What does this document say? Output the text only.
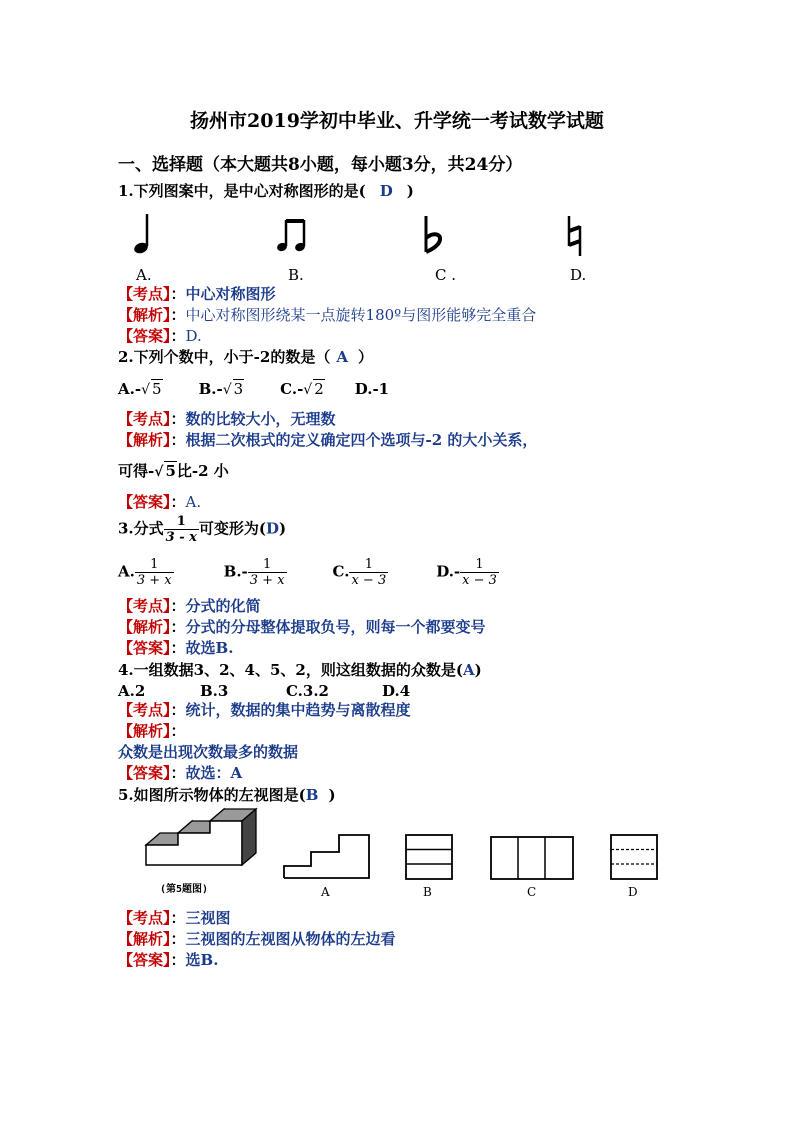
扬州市2019学初中毕业、升学统一考试数学试题
一、选择题（本大题共8小题，每小题3分，共24分）
1.下列图案中，是中心对称图形的是( D )
A.	B.	C .	D.
【考点】：中心对称图形
【解析】：中心对称图形绕某一点旋转180º与图形能够完全重合
【答案】：D.
2.下列个数中，小于-2的数是（ A ）
A.-√ 5 B.-√ 3 C.-√ 2 D.-1
【考点】：数的比较大小，无理数
【解析】：根据二次根式的定义确定四个选项与-2 的大小关系，
可得-√ 5比-2 小
【答案】：A.
3.分式 $\frac{1}{3 - x}$ 可变形为(D)
A. $\frac{1}{3 + x}$	$B.- \frac{1}{3 + x}$	C. $\frac{1}{x - 3}$	$D.- \frac{1}{x - 3}$
【考点】：分式的化简
【解析】：分式的分母整体提取负号，则每一个都要变号
【答案】：故选B.
4.一组数据3、2、4、5、2，则这组数据的众数是(A)
A.2	B.3	C.3.2	D.4
【考点】：统计，数据的集中趋势与离散程度
【解析】：
众数是出现次数最多的数据
【答案】：故选：A
5.如图所示物体的左视图是(B )
(第5题图)	A	B	C	D
【考点】：三视图
【解析】：三视图的左视图从物体的左边看
【答案】：选B.
